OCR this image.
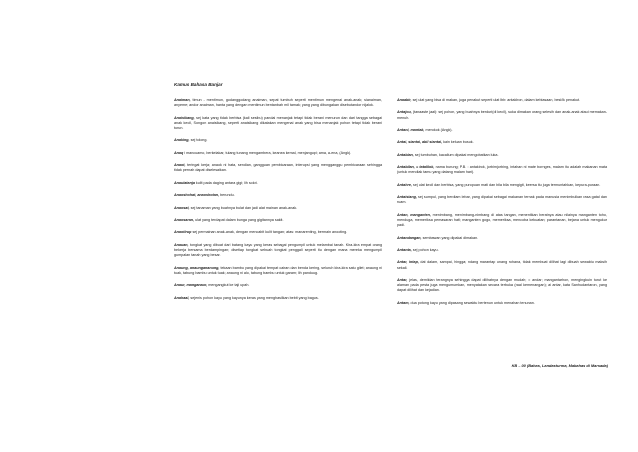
Kamus Bahasa Banjar

Anaiman, timun - mentimun, godanggodang anaiman, sepat tumbuh seperti mentimun mengenai anak-anak; sianaiman, anyeme; andor anaiman, hanta yang dengan mentimun bentanbah mil tamak; yang yang dibungakan disebutandor nijalok.

Anaisikang, sej kata yang tidak berbisa (kali sesibu) pandai menanjak tetapi tidak berani menurun dan dari tangga sebagai anak kecil, Songon anaisikang, seperti anaisikang dikatakan mengenai anak yang bisa menanjak pohon tetapi tidak berani turun.

Anaking, sej tolong.

Anaq i mancuamo, berkelakar, tulang tunang mengambera, keanea kemal, menjangupi; ama, a-ena, (Angk).

Anaot, teringat kerja; anaok ni hata, sendian, gangguan pembicaraan, interupsi yang mengganggu pembicaraan sehingga tidak pernah dapat diselesaikan.

Anaulatanja kulit pada daging antara gigi; lih solot.

Anaoshohat, anaoshotan, berundu.

Anaosat, sej tanaman yang buahnya bulat dan jadi alat mainan anak-anak.

Anaosaran, ulat yang terdapat dalam bunga yang gigitannya sakit.

Anaotirup sej permainan anak-anak, dengan mencabit kulit tangan; atas: manarenting, bermain anooting.

Anauan, tongkat yang dibuat dari batang kayu yang keras sebagai pengumpil untuk melambai tanah. Kira-kira empat orang bekerja bersama berdampingan; disetiap tongkat sebuah tongkat penggali seperti itu dengan mana mereka mengumpil gumpalan tanah yang besar.

Anaung, anaungananung, tekaan bambu yang dipakai tempat cairan dan benda kering, seluruh kira-kira satu gilet; anaung ni tuak, tabung bambu untuk tuak; anaung ni alo, tabung bambu untuk garam; lih panduug.

Anaur, manganaur, mengangkut ke taji upah.

Anahaal, sejenis pohon kayu yang kayunya keras yang menghasilkan bebit yang bagus.

Anaabir, sej ulat yang bisa di makan, juga penakut seperti ulat lbb: antaklron, dalam kebiasaan, besi/ik penakut.

Antajou, (tanaaste jaal): sej pohon, yang buahnya berduri(di kecil), suka dimakan orang selesih dan anak-anak ataui memakan-menuh.

Antani, mantak, merokok (Angk).

Antai, siantai, abil siantai, kain keluan busuk.

Antabian, sej tumbuhan, kacalium dipakai mengobatkan luka.

Antabilan, = tatalilok, nama burung; P.B. : antakirok, jorbimjorbing, intahan ni mate bornges, malam itu adalah makanan mata (untuk mendiak tamu yang datang malam hari).

Antahre, sej ulat kecil dan berbisa, yang puropuan mati dan bila bila mengigit, keersa itu juga termuntahkan, kepura-puraan.

Antaisiang, sej sumpul, yang berdiam lebar, yang dipakai sebagai makanan ternak pada manusia menimbulkan rasa gatal dan ruam.

Antan, manganten, menimbang, menimbang-nimbang di atas tangan, menentikan beratnya atau nilainya manganten toho, menduga, memeriksa pemasaran hati; manganten gogo, memeriksa, mencoba kekuatan; parantanan, bejana untuk mengukur padi.

Antandangan, sembawan yang dipakai dimakan.

Antanta, sej pohon kayu.

Antar, intap, dat dalam, sampai, hingga; ndang marantap unang rohana, tidak membuat dilihat lagi dibuah sewaktu maksih sekali.

Antar, jelas, demikian terangnya sehingga dapat dilihatnya dengan mudah; = andar; mangantarhon, mengingkuin turut ke alaman pada pesta juga mengumumkan, menyatakan secara terbuka (raal kemenangan); ai antar, kata Sanhudantaron, yang dapat dilihat dan kejadian.

Antam, dua potong kayu yang dipasang sewaktu bertenun untuk menahan tenunan.

KB – 00 (Bahas, Landasturma, Mabahas di Marsada)
